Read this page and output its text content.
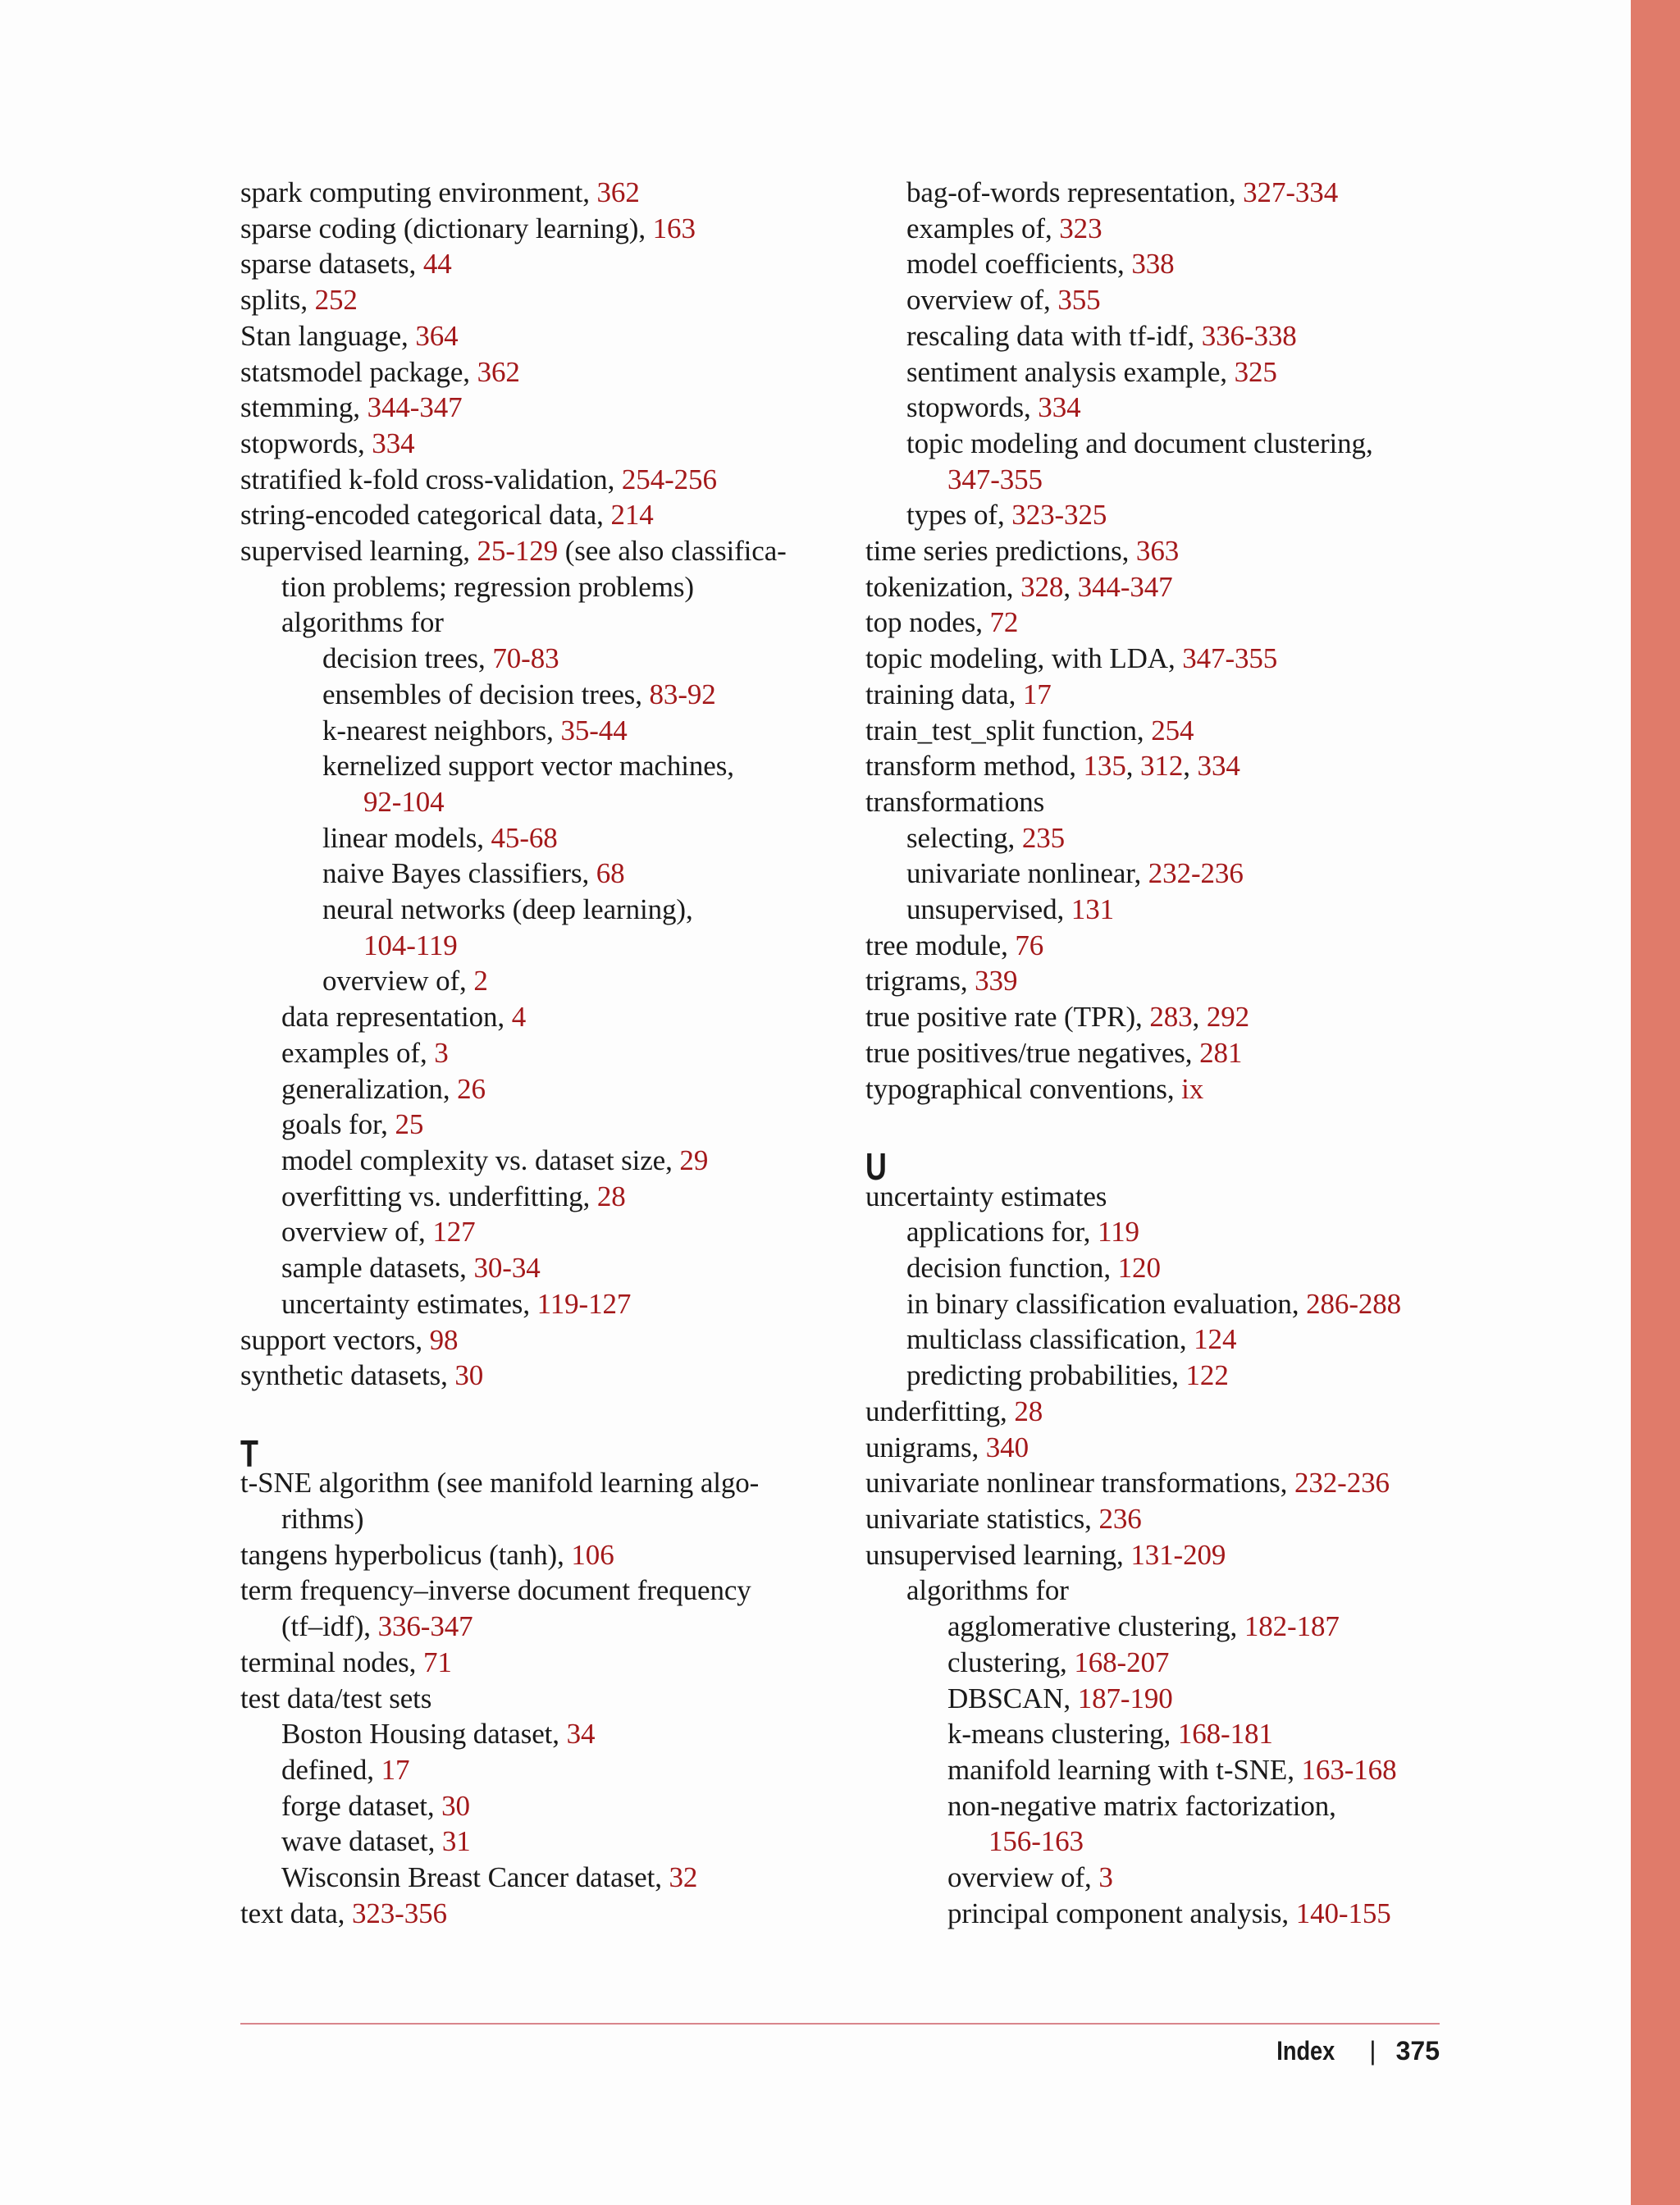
spark computing environment, 362
sparse coding (dictionary learning), 163
sparse datasets, 44
splits, 252
Stan language, 364
statsmodel package, 362
stemming, 344-347
stopwords, 334
stratified k-fold cross-validation, 254-256
string-encoded categorical data, 214
supervised learning, 25-129 (see also classifica-
tion problems; regression problems)
algorithms for
decision trees, 70-83
ensembles of decision trees, 83-92
k-nearest neighbors, 35-44
kernelized support vector machines,
92-104
linear models, 45-68
naive Bayes classifiers, 68
neural networks (deep learning),
104-119
overview of, 2
data representation, 4
examples of, 3
generalization, 26
goals for, 25
model complexity vs. dataset size, 29
overfitting vs. underfitting, 28
overview of, 127
sample datasets, 30-34
uncertainty estimates, 119-127
support vectors, 98
synthetic datasets, 30
T
t-SNE algorithm (see manifold learning algo-
rithms)
tangens hyperbolicus (tanh), 106
term frequency–inverse document frequency
(tf–idf), 336-347
terminal nodes, 71
test data/test sets
Boston Housing dataset, 34
defined, 17
forge dataset, 30
wave dataset, 31
Wisconsin Breast Cancer dataset, 32
text data, 323-356
bag-of-words representation, 327-334
examples of, 323
model coefficients, 338
overview of, 355
rescaling data with tf-idf, 336-338
sentiment analysis example, 325
stopwords, 334
topic modeling and document clustering,
347-355
types of, 323-325
time series predictions, 363
tokenization, 328, 344-347
top nodes, 72
topic modeling, with LDA, 347-355
training data, 17
train_test_split function, 254
transform method, 135, 312, 334
transformations
selecting, 235
univariate nonlinear, 232-236
unsupervised, 131
tree module, 76
trigrams, 339
true positive rate (TPR), 283, 292
true positives/true negatives, 281
typographical conventions, ix
U
uncertainty estimates
applications for, 119
decision function, 120
in binary classification evaluation, 286-288
multiclass classification, 124
predicting probabilities, 122
underfitting, 28
unigrams, 340
univariate nonlinear transformations, 232-236
univariate statistics, 236
unsupervised learning, 131-209
algorithms for
agglomerative clustering, 182-187
clustering, 168-207
DBSCAN, 187-190
k-means clustering, 168-181
manifold learning with t-SNE, 163-168
non-negative matrix factorization,
156-163
overview of, 3
principal component analysis, 140-155
Index | 375
